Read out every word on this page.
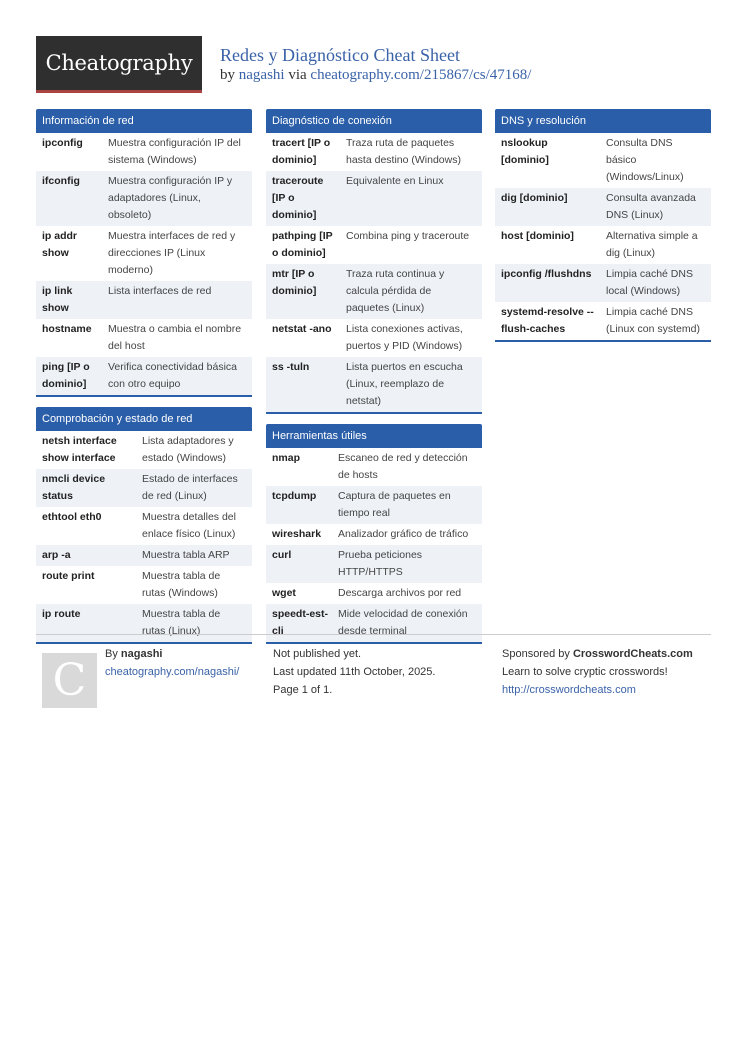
Cheatography Redes y Diagnóstico Cheat Sheet
by nagashi via cheatography.com/215867/cs/47168/
Información de red
ipconfig	Muestra configuración IP del sistema (Windows)
ifconfig	Muestra configuración IP y adaptadores (Linux, obsoleto)
ip addr show	Muestra interfaces de red y direcciones IP (Linux moderno)
ip link show	Lista interfaces de red
hostname	Muestra o cambia el nombre del host
ping [IP o dominio]	Verifica conectividad básica con otro equipo
Comprobación y estado de red
netsh interface show interface	Lista adaptadores y estado (Windows)
nmcli device status	Estado de interfaces de red (Linux)
ethtool eth0	Muestra detalles del enlace físico (Linux)
arp -a	Muestra tabla ARP
route print	Muestra tabla de rutas (Windows)
ip route	Muestra tabla de rutas (Linux)
Diagnóstico de conexión
tracert [IP o dominio]	Traza ruta de paquetes hasta destino (Windows)
traceroute [IP o dominio]	Equivalente en Linux
pathping [IP o dominio]	Combina ping y traceroute
mtr [IP o dominio]	Traza ruta continua y calcula pérdida de paquetes (Linux)
netstat -ano	Lista conexiones activas, puertos y PID (Windows)
ss -tuln	Lista puertos en escucha (Linux, reemplazo de netstat)
Herramientas útiles
nmap	Escaneo de red y detección de hosts
tcpdump	Captura de paquetes en tiempo real
wireshark	Analizador gráfico de tráfico
curl	Prueba peticiones HTTP/HTTPS
wget	Descarga archivos por red
speedt-est-cli	Mide velocidad de conexión desde terminal
DNS y resolución
nslookup [dominio]	Consulta DNS básico (Windows/Linux)
dig [dominio]	Consulta avanzada DNS (Linux)
host [dominio]	Alternativa simple a dig (Linux)
ipconfig /flushdns	Limpia caché DNS local (Windows)
systemd-resolve --flush-caches	Limpia caché DNS (Linux con systemd)
C
By nagashi
cheatography.com/nagashi/
Not published yet.
Last updated 11th October, 2025.
Page 1 of 1.
Sponsored by CrosswordCheats.com
Learn to solve cryptic crosswords!
http://crosswordcheats.com
